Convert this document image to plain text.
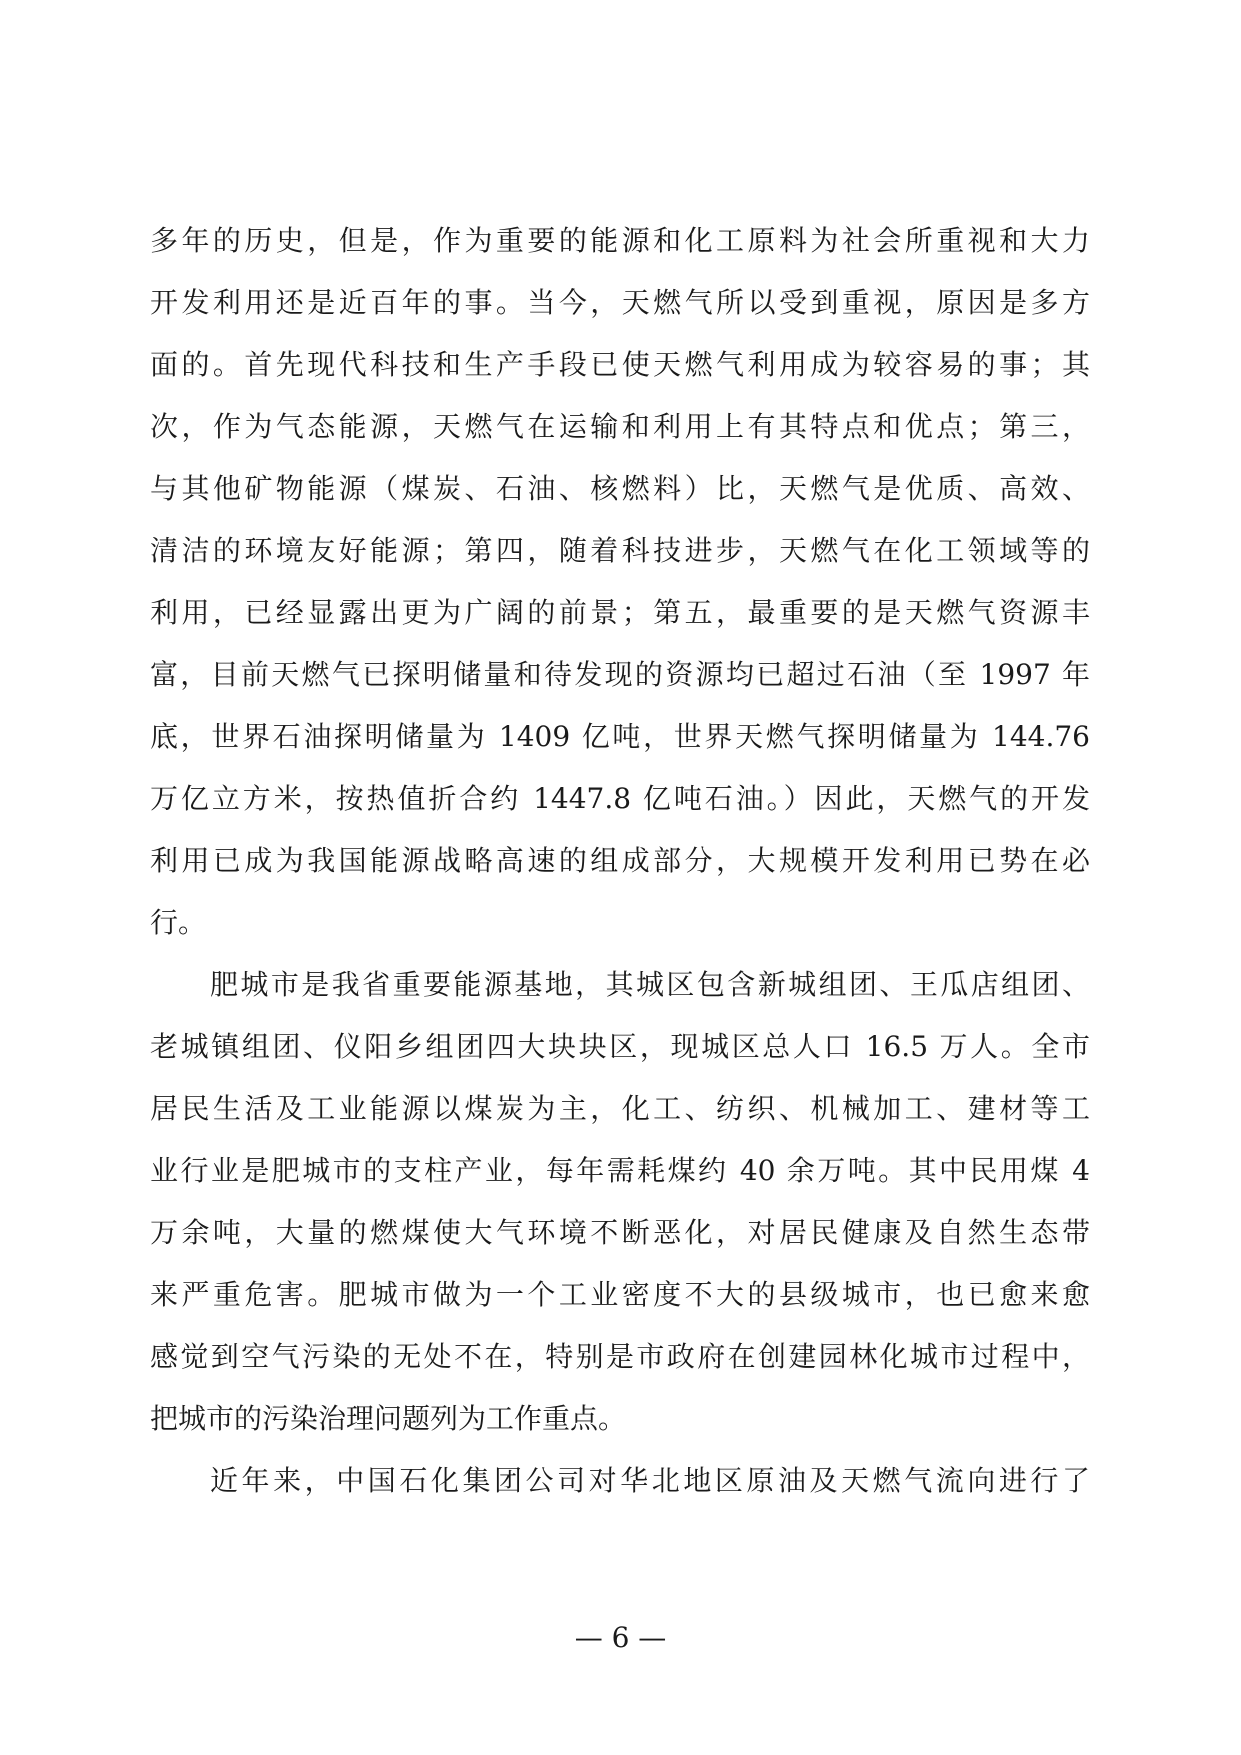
多年的历史，但是，作为重要的能源和化工原料为社会所重视和大力
开发利用还是近百年的事。当今，天燃气所以受到重视，原因是多方
面的。首先现代科技和生产手段已使天燃气利用成为较容易的事；其
次，作为气态能源，天燃气在运输和利用上有其特点和优点；第三，
与其他矿物能源（煤炭、石油、核燃料）比，天燃气是优质、高效、
清洁的环境友好能源；第四，随着科技进步，天燃气在化工领域等的
利用，已经显露出更为广阔的前景；第五，最重要的是天燃气资源丰
富，目前天燃气已探明储量和待发现的资源均已超过石油（至 1997 年
底，世界石油探明储量为 1409 亿吨，世界天燃气探明储量为 144.76
万亿立方米，按热值折合约 1447.8 亿吨石油。）因此，天燃气的开发
利用已成为我国能源战略高速的组成部分，大规模开发利用已势在必
行。
肥城市是我省重要能源基地，其城区包含新城组团、王瓜店组团、
老城镇组团、仪阳乡组团四大块块区，现城区总人口 16.5 万人。全市
居民生活及工业能源以煤炭为主，化工、纺织、机械加工、建材等工
业行业是肥城市的支柱产业，每年需耗煤约 40 余万吨。其中民用煤 4
万余吨，大量的燃煤使大气环境不断恶化，对居民健康及自然生态带
来严重危害。肥城市做为一个工业密度不大的县级城市，也已愈来愈
感觉到空气污染的无处不在，特别是市政府在创建园林化城市过程中，
把城市的污染治理问题列为工作重点。
近年来，中国石化集团公司对华北地区原油及天燃气流向进行了
— 6 —
